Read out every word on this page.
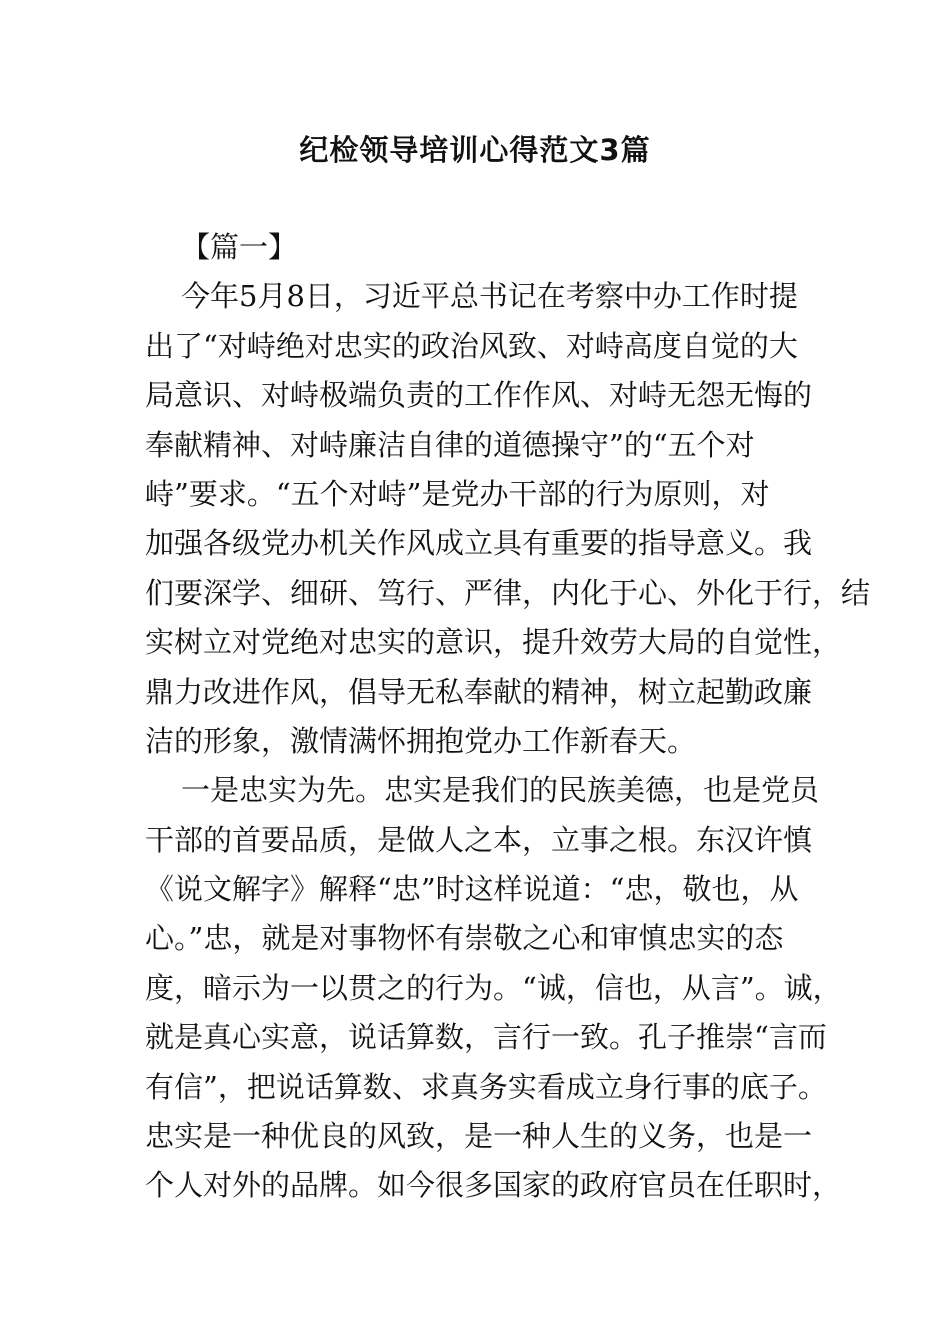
纪检领导培训心得范文3篇
【篇一】
今年5月8日，习近平总书记在考察中办工作时提
出了“对峙绝对忠实的政治风致、对峙高度自觉的大
局意识、对峙极端负责的工作作风、对峙无怨无悔的
奉献精神、对峙廉洁自律的道德操守”的“五个对
峙”要求。“五个对峙”是党办干部的行为原则，对
加强各级党办机关作风成立具有重要的指导意义。我
们要深学、细研、笃行、严律，内化于心、外化于行，结
实树立对党绝对忠实的意识，提升效劳大局的自觉性，
鼎力改进作风，倡导无私奉献的精神，树立起勤政廉
洁的形象，激情满怀拥抱党办工作新春天。
一是忠实为先。忠实是我们的民族美德，也是党员
干部的首要品质，是做人之本，立事之根。东汉许慎
《说文解字》解释“忠”时这样说道：“忠，敬也，从
心。”忠，就是对事物怀有崇敬之心和审慎忠实的态
度，暗示为一以贯之的行为。“诚，信也，从言”。诚，
就是真心实意，说话算数，言行一致。孔子推崇“言而
有信”，把说话算数、求真务实看成立身行事的底子。
忠实是一种优良的风致，是一种人生的义务，也是一
个人对外的品牌。如今很多国家的政府官员在任职时，
